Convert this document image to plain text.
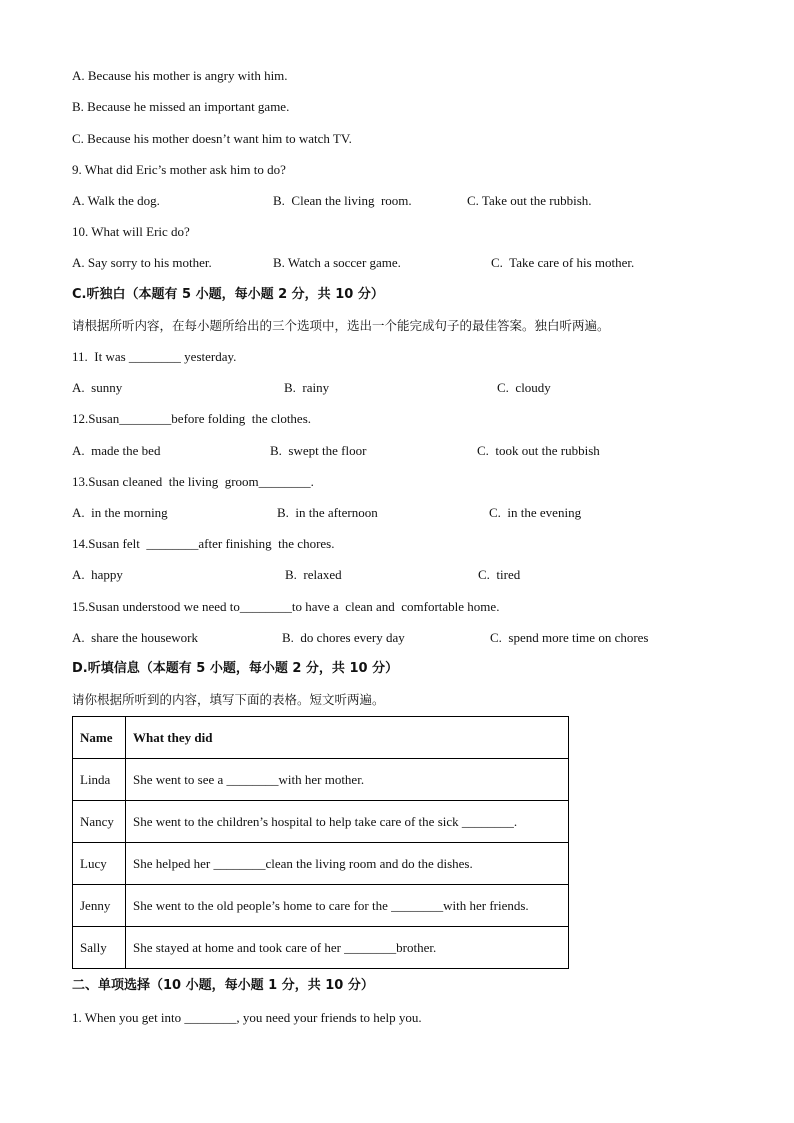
A. Because his mother is angry with him.
B. Because he missed an important game.
C. Because his mother doesn’t want him to watch TV.
9. What did Eric’s mother ask him to do?
A. Walk the dog.	B.  Clean the living  room.	C. Take out the rubbish.
10. What will Eric do?
A. Say sorry to his mother.	B. Watch a soccer game.	C.  Take care of his mother.
C.听独白（本题有 5 小题，每小题 2 分，共 10 分）
请根据所听内容，在每小题所给出的三个选项中，选出一个能完成句子的最佳答案。独白听两遍。
11.  It was ________ yesterday.
A.  sunny	B.  rainy	C.  cloudy
12.Susan________before folding  the clothes.
A.  made the bed	B.  swept the floor	C.  took out the rubbish
13.Susan cleaned  the living  groom________.
A.  in the morning	B.  in the afternoon	C.  in the evening
14.Susan felt  ________after finishing  the chores.
A.  happy	B.  relaxed	C.  tired
15.Susan understood we need to________to have a  clean and  comfortable home.
A.  share the housework	B.  do chores every day	C.  spend more time on chores
D.听填信息（本题有 5 小题，每小题 2 分，共 10 分）
请你根据所听到的内容，填写下面的表格。短文听两遍。
Name	What they did
Linda	She went to see a ________with her mother.
Nancy	She went to the children’s hospital to help take care of the sick ________.
Lucy	She helped her ________clean the living room and do the dishes.
Jenny	She went to the old people’s home to care for the ________with her friends.
Sally	She stayed at home and took care of her ________brother.
二、单项选择（10 小题，每小题 1 分，共 10 分）
1. When you get into ________, you need your friends to help you.
